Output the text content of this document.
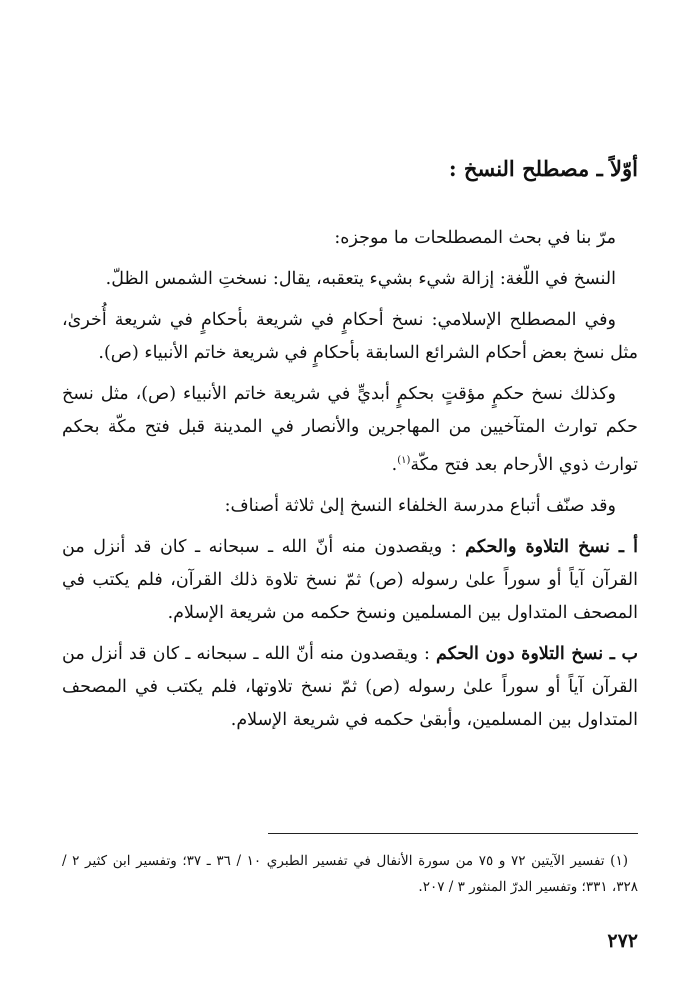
أوّلاً ـ مصطلح النسخ :

مرّ بنا في بحث المصطلحات ما موجزه:

النسخ في اللّغة: إزالة شيء بشيء يتعقبه، يقال: نسختِ الشمس الظلّ.

وفي المصطلح الإسلامي: نسخ أحكامٍ في شريعة بأحكامٍ في شريعة أُخرىٰ، مثل نسخ بعض أحكام الشرائع السابقة بأحكامٍ في شريعة خاتم الأنبياء (ص).

وكذلك نسخ حكمٍ مؤقتٍ بحكمٍ أبديٍّ في شريعة خاتم الأنبياء (ص)، مثل نسخ حكم توارث المتآخيين من المهاجرين والأنصار في المدينة قبل فتح مكّة بحكم توارث ذوي الأرحام بعد فتح مكّة$^{(١)}$.

وقد صنّف أتباع مدرسة الخلفاء النسخ إلىٰ ثلاثة أصناف:

أ ـ نسخ التلاوة والحكم : ويقصدون منه أنّ الله ـ سبحانه ـ كان قد أنزل من القرآن آياً أو سوراً علىٰ رسوله (ص) ثمّ نسخ تلاوة ذلك القرآن، فلم يكتب في المصحف المتداول بين المسلمين ونسخ حكمه من شريعة الإسلام.

ب ـ نسخ التلاوة دون الحكم : ويقصدون منه أنّ الله ـ سبحانه ـ كان قد أنزل من القرآن آياً أو سوراً علىٰ رسوله (ص) ثمّ نسخ تلاوتها، فلم يكتب في المصحف المتداول بين المسلمين، وأبقىٰ حكمه في شريعة الإسلام.

(١) تفسير الآيتين ٧٢ و ٧٥ من سورة الأنفال في تفسير الطبري ١٠ / ٣٦ ـ ٣٧؛ وتفسير ابن كثير ٢ / ٣٢٨، ٣٣١؛ وتفسير الدرّ المنثور ٣ / ٢٠٧.

٢٧٢
